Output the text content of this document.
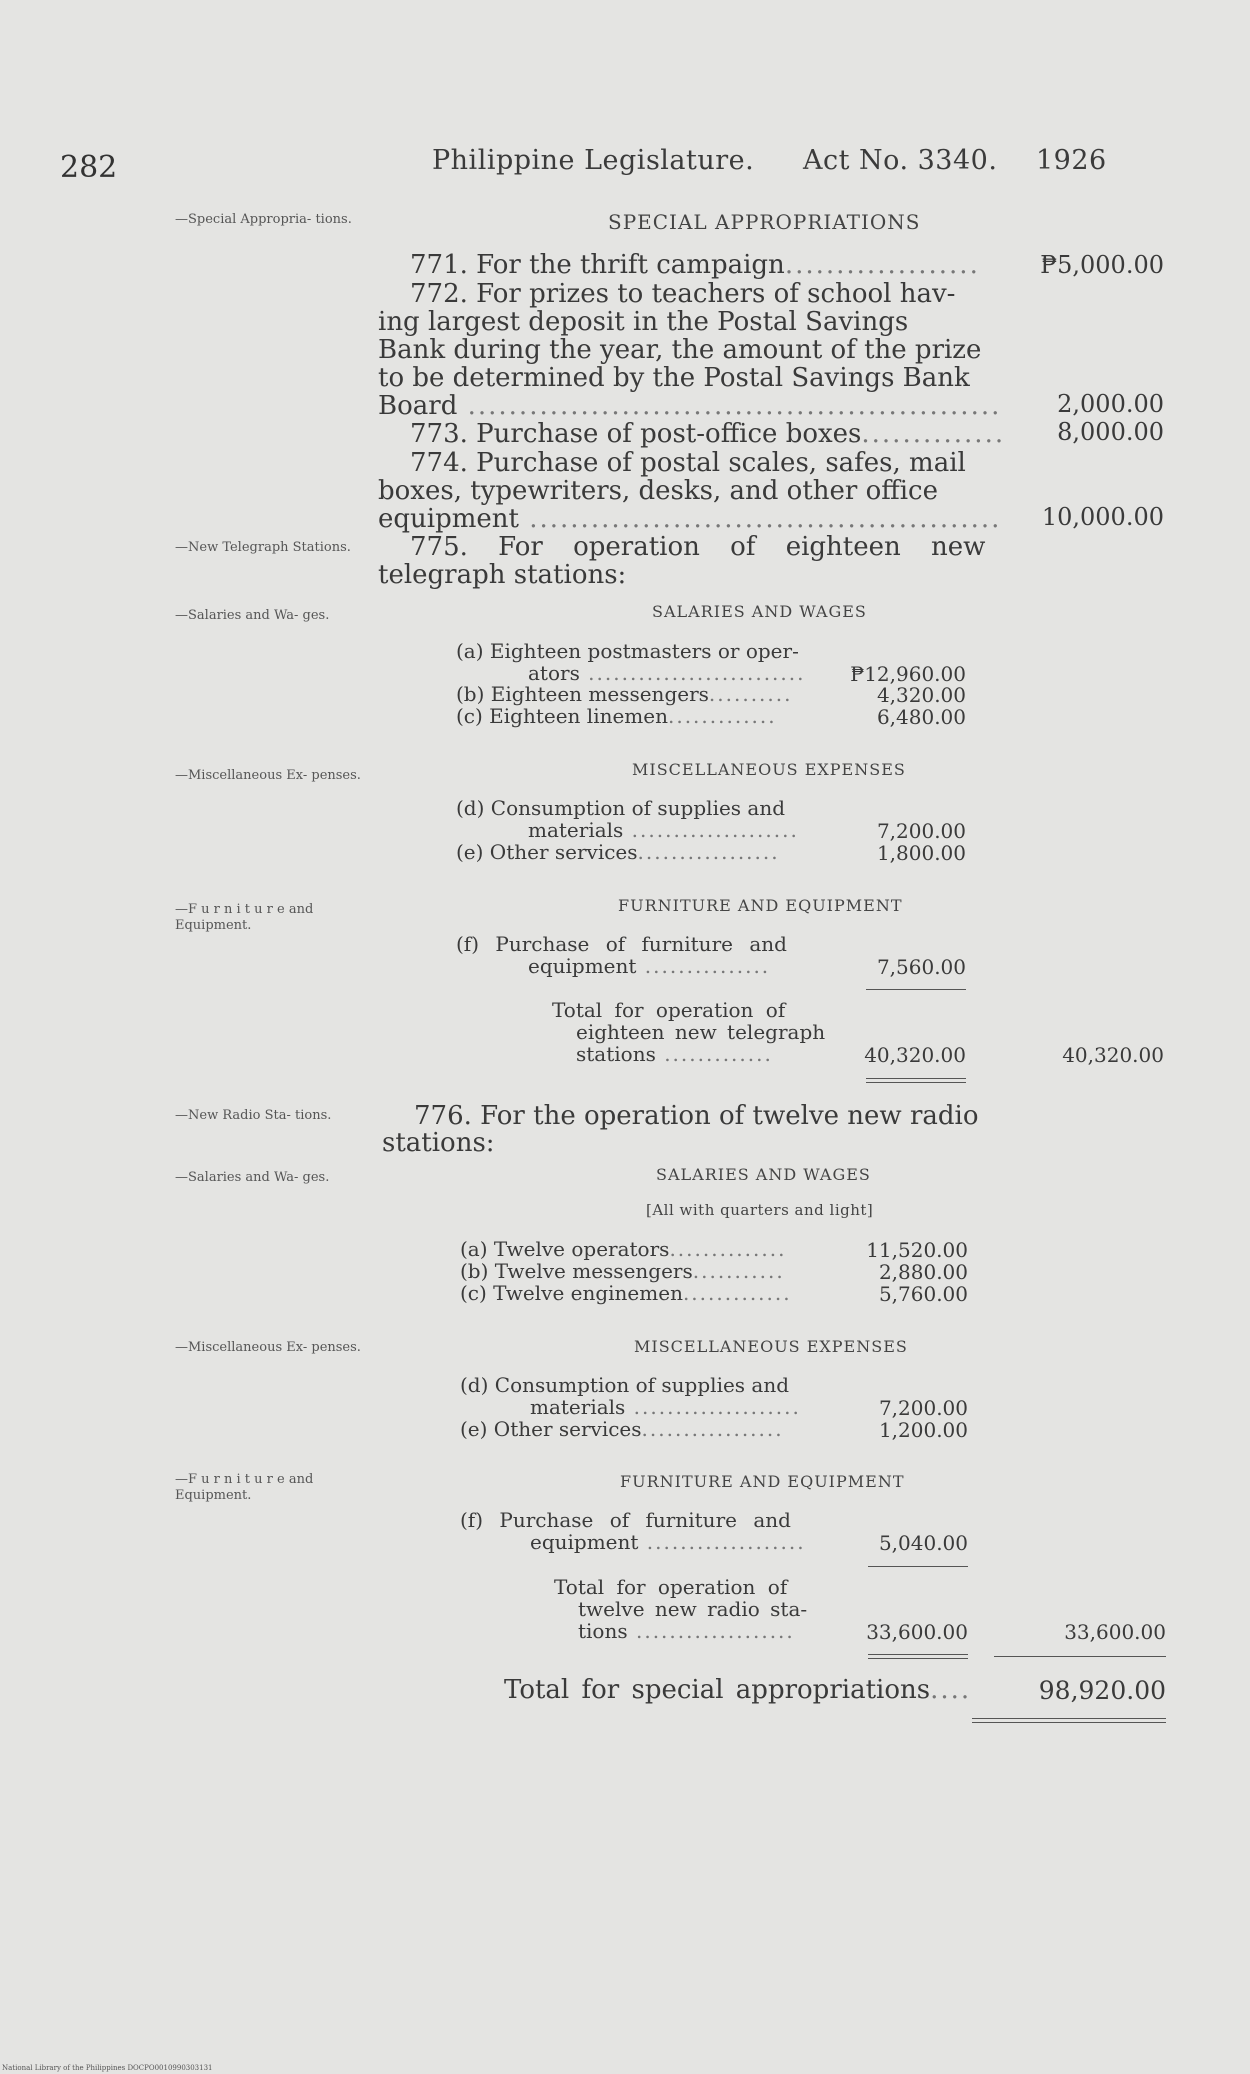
282	Philippine Legislature. Act No. 3340. 1926
—Special Appropria- tions.
—New Telegraph Stations.
—Salaries and Wa- ges.
—Miscellaneous Ex- penses.
—F u r n i t u r e and Equipment.
—New Radio Sta- tions.
—Salaries and Wa- ges.
—Miscellaneous Ex- penses.
—F u r n i t u r e and Equipment.
SPECIAL APPROPRIATIONS
771. For the thrift campaign...................	₱5,000.00
772. For prizes to teachers of school hav-
ing largest deposit in the Postal Savings
Bank during the year, the amount of the prize
to be determined by the Postal Savings Bank
Board ....................................................	2,000.00
773. Purchase of post-office boxes..............	8,000.00
774. Purchase of postal scales, safes, mail
boxes, typewriters, desks, and other office
equipment ..............................................	10,000.00
775. For operation of eighteen new
telegraph stations:
SALARIES AND WAGES
(a) Eighteen postmasters or oper-
ators ..........................	₱12,960.00
(b) Eighteen messengers..........	4,320.00
(c) Eighteen linemen.............	6,480.00
MISCELLANEOUS EXPENSES
(d) Consumption of supplies and
materials ....................	7,200.00
(e) Other services.................	1,800.00
FURNITURE AND EQUIPMENT
(f) Purchase of furniture and
equipment ...............	7,560.00
Total for operation of
eighteen new telegraph
stations .............	40,320.00	40,320.00
776. For the operation of twelve new radio
stations:
SALARIES AND WAGES
[All with quarters and light]
(a) Twelve operators..............	11,520.00
(b) Twelve messengers...........	2,880.00
(c) Twelve enginemen.............	5,760.00
MISCELLANEOUS EXPENSES
(d) Consumption of supplies and
materials ....................	7,200.00
(e) Other services.................	1,200.00
FURNITURE AND EQUIPMENT
(f) Purchase of furniture and
equipment ...................	5,040.00
Total for operation of
twelve new radio sta-
tions ...................	33,600.00	33,600.00
Total for special appropriations....	98,920.00
National Library of the Philippines DOCPO0010990303131
